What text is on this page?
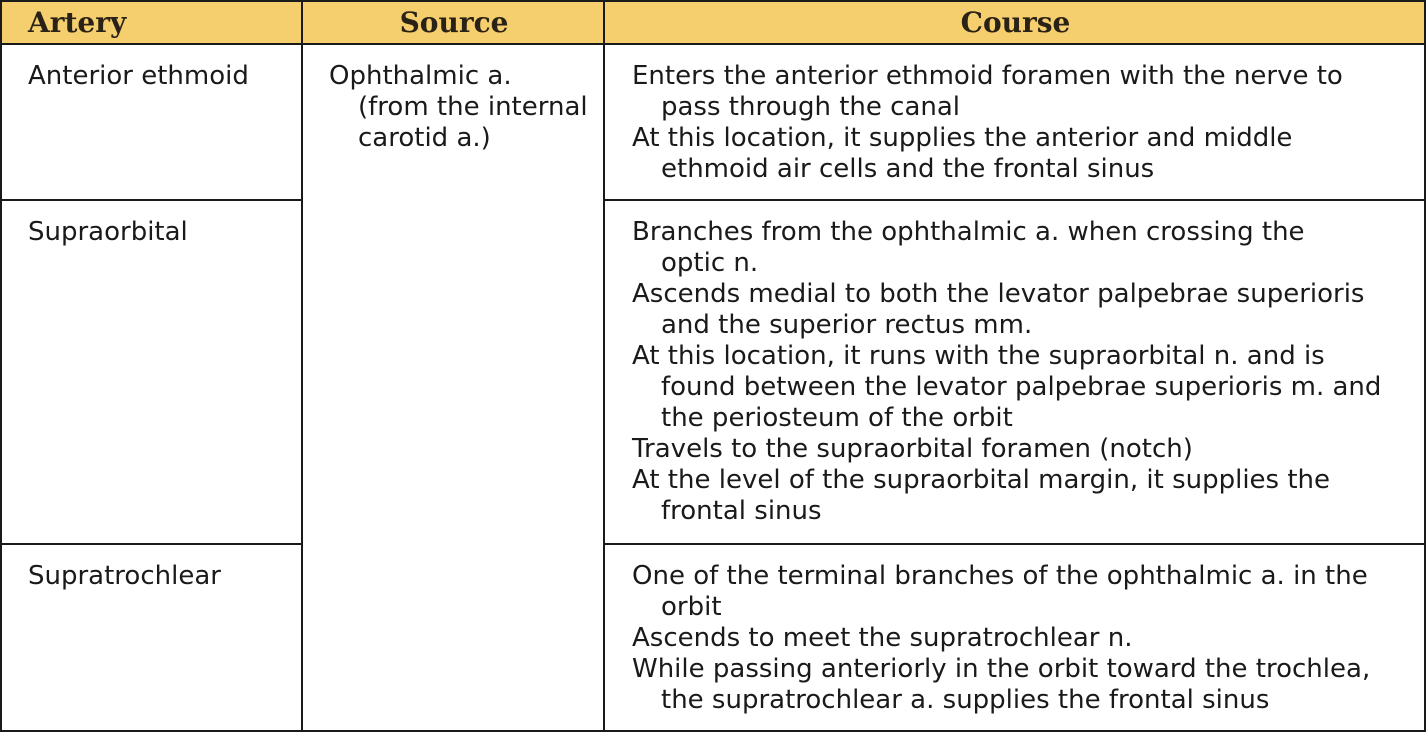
Artery	Source	Course
Anterior ethmoid
Supraorbital
Supratrochlear
Ophthalmic a.
(from the internal
carotid a.)
Enters the anterior ethmoid foramen with the nerve to
pass through the canal
At this location, it supplies the anterior and middle
ethmoid air cells and the frontal sinus
Branches from the ophthalmic a. when crossing the
optic n.
Ascends medial to both the levator palpebrae superioris
and the superior rectus mm.
At this location, it runs with the supraorbital n. and is
found between the levator palpebrae superioris m. and
the periosteum of the orbit
Travels to the supraorbital foramen (notch)
At the level of the supraorbital margin, it supplies the
frontal sinus
One of the terminal branches of the ophthalmic a. in the
orbit
Ascends to meet the supratrochlear n.
While passing anteriorly in the orbit toward the trochlea,
the supratrochlear a. supplies the frontal sinus
